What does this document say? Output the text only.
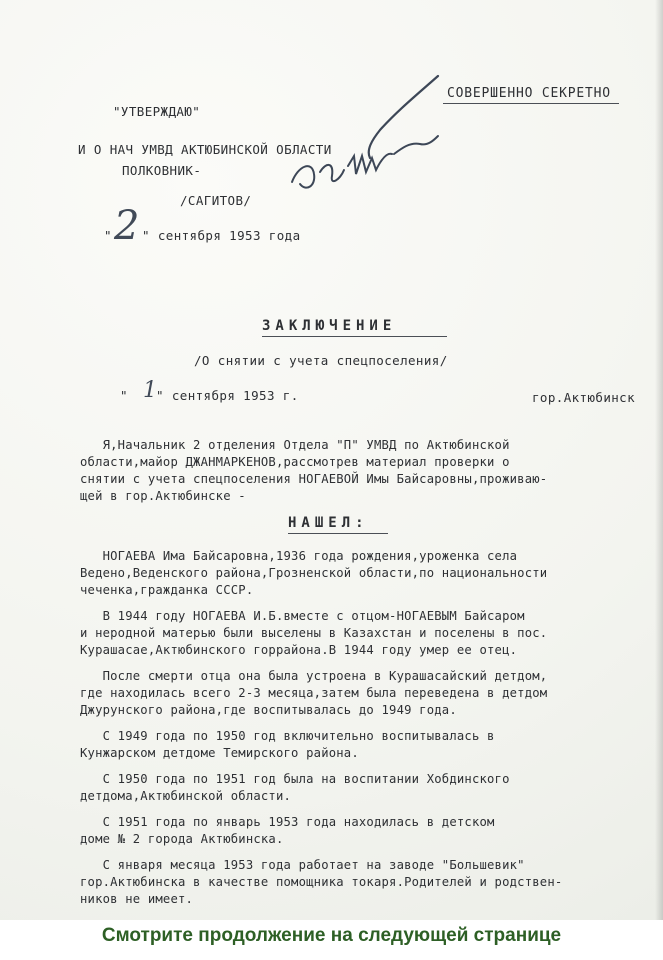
СОВЕРШЕННО СЕКРЕТНО

"УТВЕРЖДАЮ"

И О НАЧ УМВД АКТЮБИНСКОЙ ОБЛАСТИ

ПОЛКОВНИК-

/САГИТОВ/

" 2 " сентября 1953 года

ЗАКЛЮЧЕНИЕ

/О снятии с учета спецпоселения/

" 1 " сентября 1953 г.	гор.Актюбинск

Я,Начальник 2 отделения Отдела "П" УМВД по Актюбинской

области,майор ДЖАНМАРКЕНОВ,рассмотрев материал проверки о

снятии с учета спецпоселения НОГАЕВОЙ Имы Байсаровны,проживаю-

щей в гор.Актюбинске -

НАШЕЛ:

НОГАЕВА Има Байсаровна,1936 года рождения,уроженка села

Ведено,Веденского района,Грозненской области,по национальности

чеченка,гражданка СССР.

В 1944 году НОГАЕВА И.Б.вместе с отцом-НОГАЕВЫМ Байсаром

и неродной матерью были выселены в Казахстан и поселены в пос.

Курашасае,Актюбинского горрайона.В 1944 году умер ее отец.

После смерти отца она была устроена в Курашасайский детдом,

где находилась всего 2-3 месяца,затем была переведена в детдом

Джурунского района,где воспитывалась до 1949 года.

С 1949 года по 1950 год включительно воспитывалась в

Кунжарском детдоме Темирского района.

С 1950 года по 1951 год была на воспитании Хобдинского

детдома,Актюбинской области.

С 1951 года по январь 1953 года находилась в детском

доме № 2 города Актюбинска.

С января месяца 1953 года работает на заводе "Большевик"

гор.Актюбинска в качестве помощника токаря.Родителей и родствен-

ников не имеет.

Смотрите продолжение на следующей странице
